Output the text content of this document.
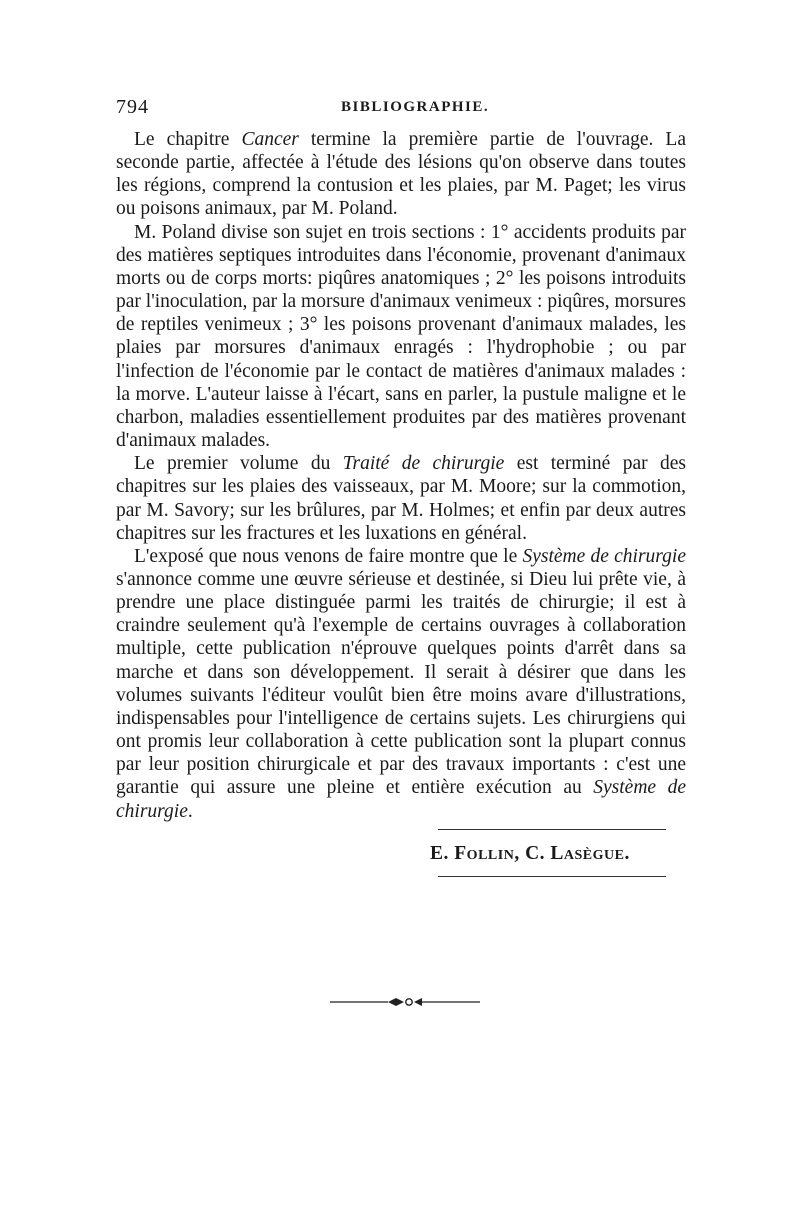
794	BIBLIOGRAPHIE.

Le chapitre Cancer termine la première partie de l'ouvrage. La seconde partie, affectée à l'étude des lésions qu'on observe dans toutes les régions, comprend la contusion et les plaies, par M. Paget; les virus ou poisons animaux, par M. Poland.

M. Poland divise son sujet en trois sections : 1° accidents produits par des matières septiques introduites dans l'économie, provenant d'animaux morts ou de corps morts: piqûres anatomiques ; 2° les poisons introduits par l'inoculation, par la morsure d'animaux venimeux : piqûres, morsures de reptiles venimeux ; 3° les poisons provenant d'animaux malades, les plaies par morsures d'animaux enragés : l'hydrophobie ; ou par l'infection de l'économie par le contact de matières d'animaux malades : la morve. L'auteur laisse à l'écart, sans en parler, la pustule maligne et le charbon, maladies essentiellement produites par des matières provenant d'animaux malades.

Le premier volume du Traité de chirurgie est terminé par des chapitres sur les plaies des vaisseaux, par M. Moore; sur la commotion, par M. Savory; sur les brûlures, par M. Holmes; et enfin par deux autres chapitres sur les fractures et les luxations en général.

L'exposé que nous venons de faire montre que le Système de chirurgie s'annonce comme une œuvre sérieuse et destinée, si Dieu lui prête vie, à prendre une place distinguée parmi les traités de chirurgie; il est à craindre seulement qu'à l'exemple de certains ouvrages à collaboration multiple, cette publication n'éprouve quelques points d'arrêt dans sa marche et dans son développement. Il serait à désirer que dans les volumes suivants l'éditeur voulût bien être moins avare d'illustrations, indispensables pour l'intelligence de certains sujets. Les chirurgiens qui ont promis leur collaboration à cette publication sont la plupart connus par leur position chirurgicale et par des travaux importants : c'est une garantie qui assure une pleine et entière exécution au Système de chirurgie.

E. Follin, C. Lasègue.
